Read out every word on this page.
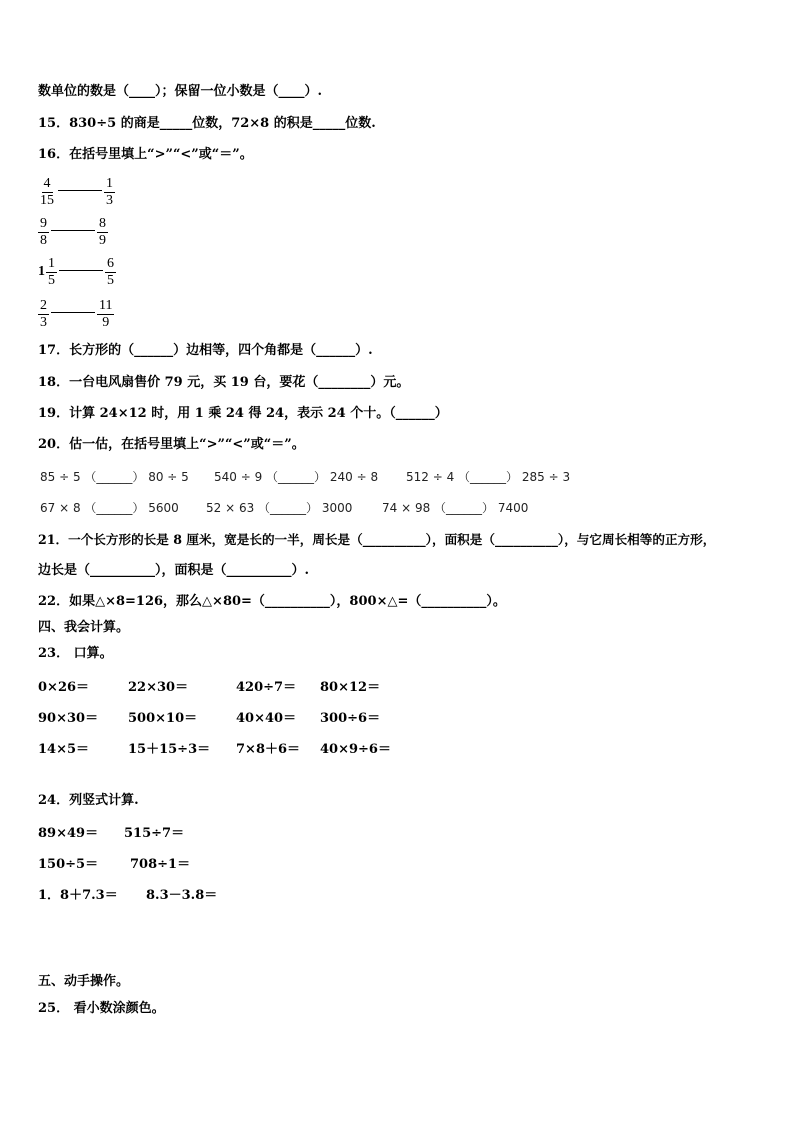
数单位的数是（____）；保留一位小数是（____）.
15．830÷5 的商是_____位数，72×8 的积是_____位数.
16．在括号里填上“>”“<”或“＝”。
$\frac{4}{15}$	$\frac{1}{3}$
$\frac{9}{8}$	$\frac{8}{9}$
$1 \frac{1}{5}$	$\frac{6}{5}$
$\frac{2}{3}$	$\frac{11}{9}$
17．长方形的（______）边相等，四个角都是（______）.
18．一台电风扇售价 79 元，买 19 台，要花（________）元。
19．计算 24×12 时，用 1 乘 24 得 24，表示 24 个十。（______）
20．估一估，在括号里填上“>”“<”或“＝”。
85 ÷ 5 （______） 80 ÷ 5 540 ÷ 9 （______） 240 ÷ 8 512 ÷ 4 （______） 285 ÷ 3
67 × 8 （______） 5600 52 × 63 （______） 3000 74 × 98 （______） 7400
21．一个长方形的长是 8 厘米，宽是长的一半，周长是（__________），面积是（__________），与它周长相等的正方形，
边长是（__________），面积是（__________）.
22．如果△×8=126，那么△×80=（__________），800×△=（__________）。
四、我会计算。
23． 口算。
0×26＝	22×30＝	420÷7＝ 80×12＝
90×30＝ 500×10＝	40×40＝ 300÷6＝
14×5＝	15＋15÷3＝ 7×8＋6＝ 40×9÷6＝
24．列竖式计算.
89×49＝ 515÷7＝
150÷5＝ 708÷1＝
1．8＋7.3＝ 8.3－3.8＝
五、动手操作。
25． 看小数涂颜色。
